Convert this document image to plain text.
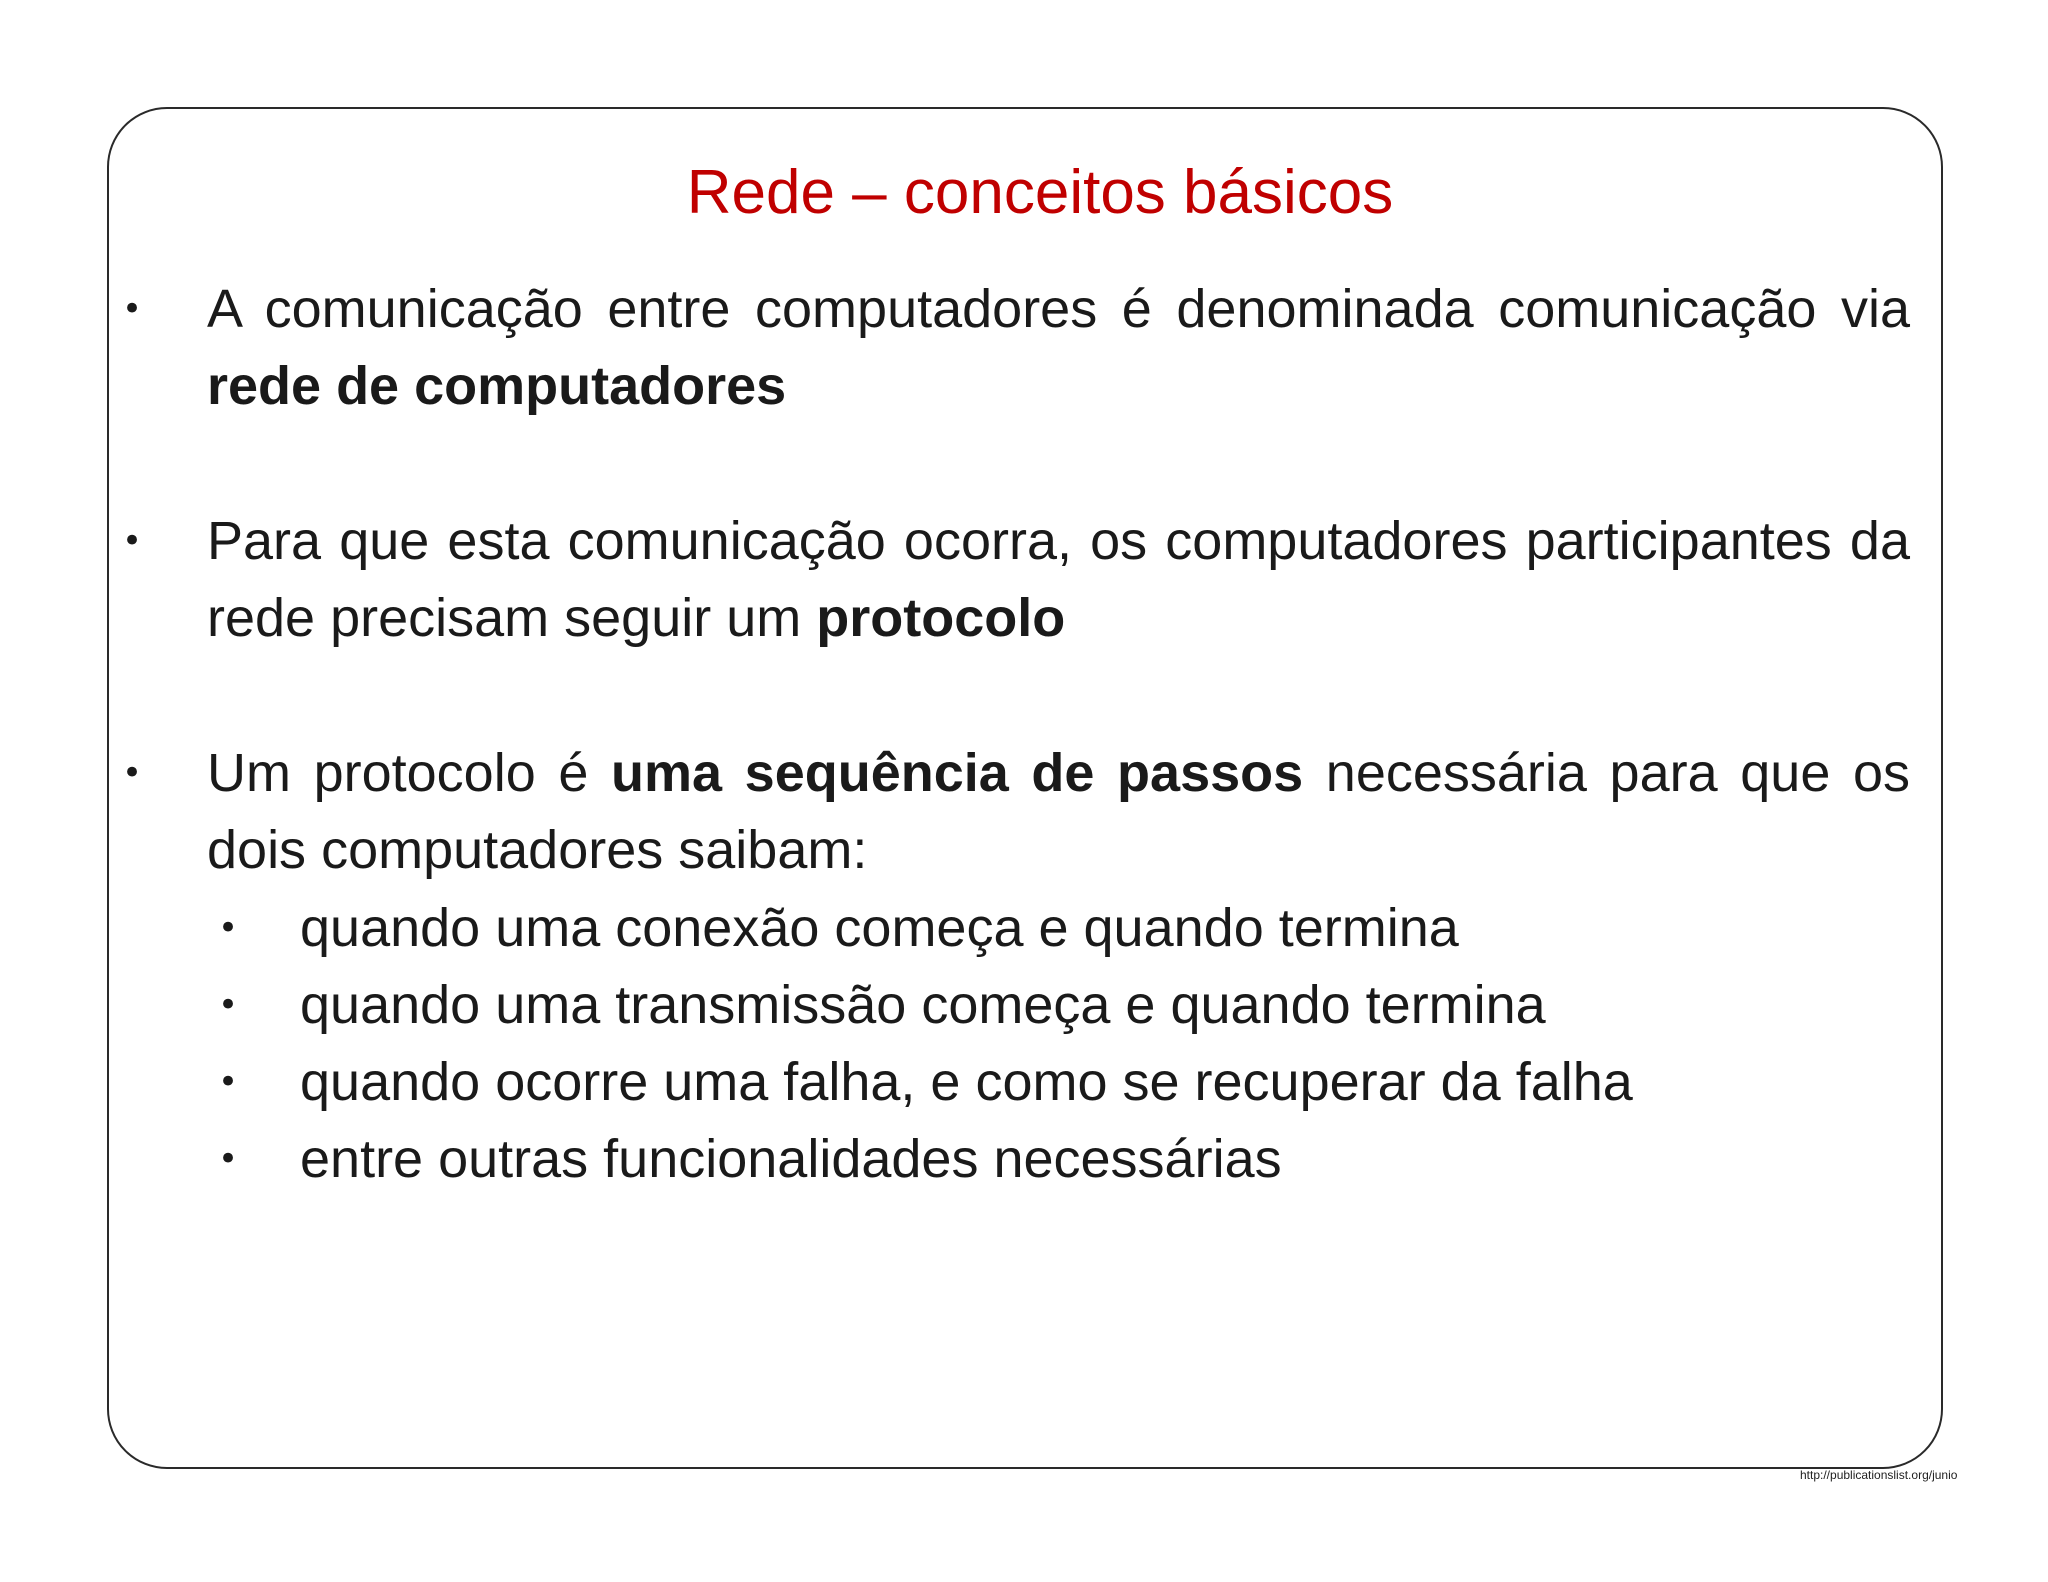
Rede – conceitos básicos
• A comunicação entre computadores é denominada comunicação via rede de computadores
• Para que esta comunicação ocorra, os computadores participantes da rede precisam seguir um protocolo
• Um protocolo é uma sequência de passos necessária para que os dois computadores saibam:
• quando uma conexão começa e quando termina
• quando uma transmissão começa e quando termina
• quando ocorre uma falha, e como se recuperar da falha
• entre outras funcionalidades necessárias
http://publicationslist.org/junio
